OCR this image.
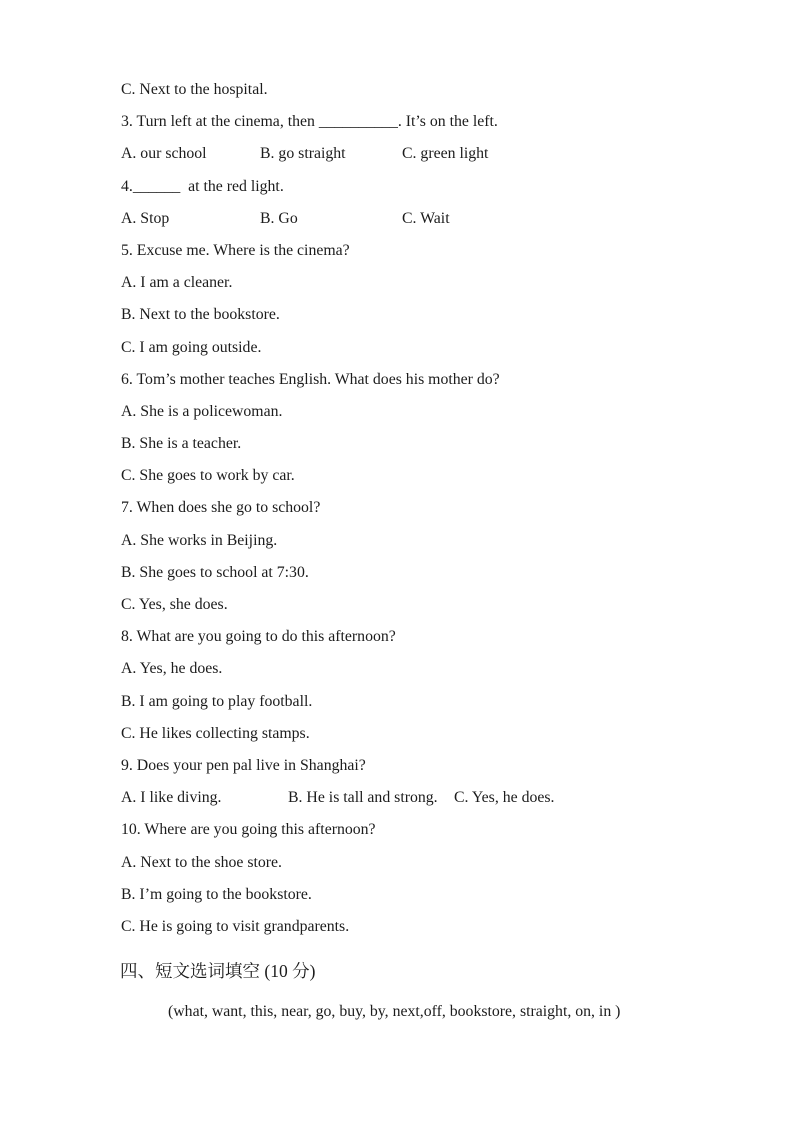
C. Next to the hospital.

3. Turn left at the cinema, then __________. It’s on the left.

A. our school

	B. go straight

	C. green light

4.______  at the red light.

A. Stop

	B. Go

	C. Wait

5. Excuse me. Where is the cinema?

A. I am a cleaner.

B. Next to the bookstore.

C. I am going outside.

6. Tom’s mother teaches English. What does his mother do?

A. She is a policewoman.

B. She is a teacher.

C. She goes to work by car.

7. When does she go to school?

A. She works in Beijing.

B. She goes to school at 7:30.

C. Yes, she does.

8. What are you going to do this afternoon?

A. Yes, he does.

B. I am going to play football.

C. He likes collecting stamps.

9. Does your pen pal live in Shanghai?

A. I like diving.

	B. He is tall and strong.

C. Yes, he does.

10. Where are you going this afternoon?

A. Next to the shoe store.

B. I’m going to the bookstore.

C. He is going to visit grandparents.

四、短文选词填空 (10 分)

(what, want, this, near, go, buy, by, next,off, bookstore, straight, on, in )
